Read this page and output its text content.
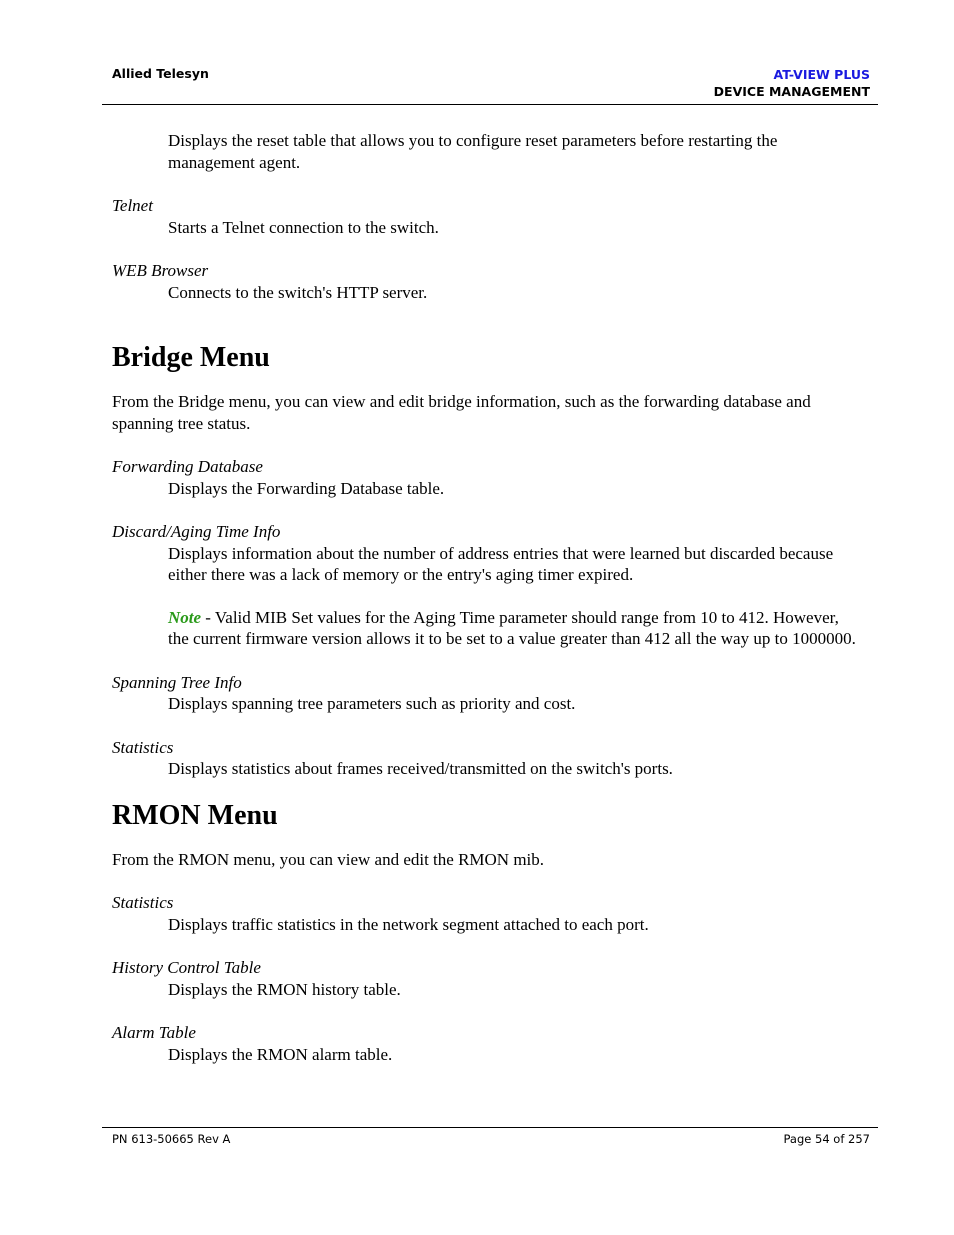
Allied Telesyn	AT-VIEW PLUS
DEVICE MANAGEMENT

Displays the reset table that allows you to configure reset parameters before restarting the management agent.

Telnet

Starts a Telnet connection to the switch.

WEB Browser

Connects to the switch's HTTP server.

Bridge Menu

From the Bridge menu, you can view and edit bridge information, such as the forwarding database and spanning tree status.

Forwarding Database

Displays the Forwarding Database table.

Discard/Aging Time Info

Displays information about the number of address entries that were learned but discarded because either there was a lack of memory or the entry's aging timer expired.

Note - Valid MIB Set values for the Aging Time parameter should range from 10 to 412. However, the current firmware version allows it to be set to a value greater than 412 all the way up to 1000000.

Spanning Tree Info

Displays spanning tree parameters such as priority and cost.

Statistics

Displays statistics about frames received/transmitted on the switch's ports.

RMON Menu

From the RMON menu, you can view and edit the RMON mib.

Statistics

Displays traffic statistics in the network segment attached to each port.

History Control Table

Displays the RMON history table.

Alarm Table

Displays the RMON alarm table.

PN 613-50665 Rev A	Page 54 of 257
